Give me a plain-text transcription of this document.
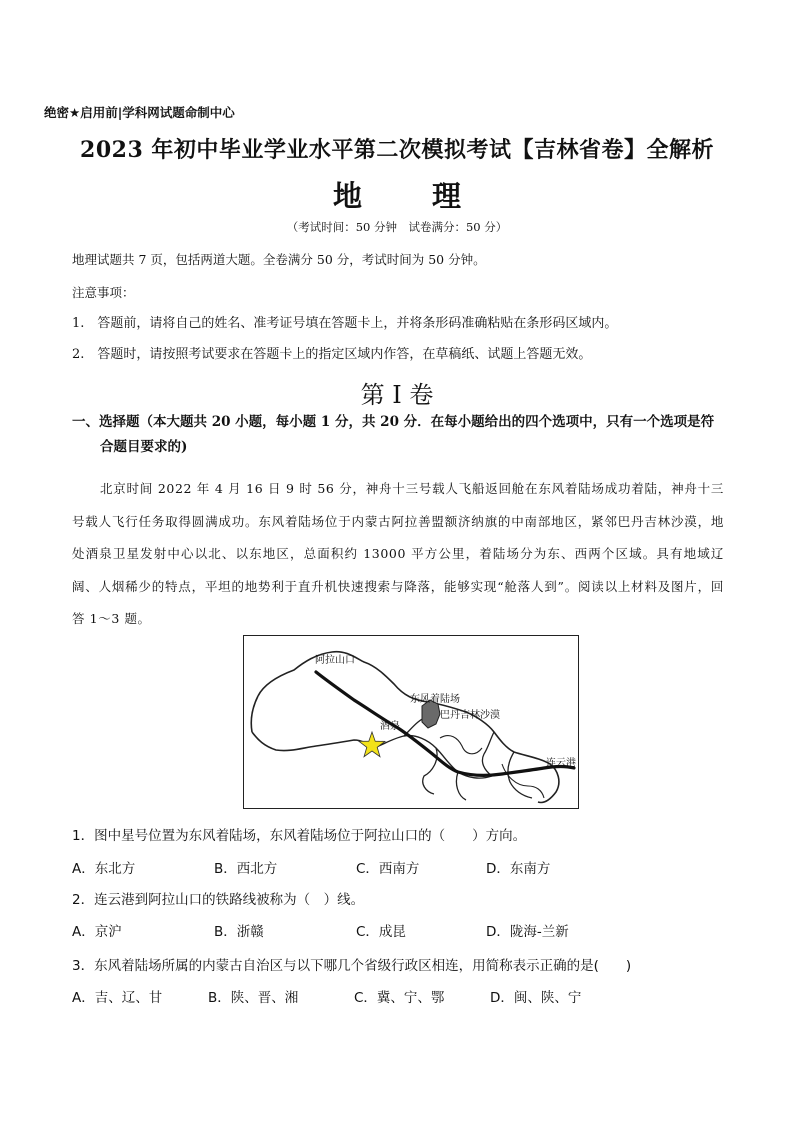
绝密★启用前|学科网试题命制中心
2023 年初中毕业学业水平第二次模拟考试【吉林省卷】全解析
地 理
（考试时间：50 分钟　试卷满分：50 分）
地理试题共 7 页，包括两道大题。全卷满分 50 分，考试时间为 50 分钟。
注意事项：
1.　答题前，请将自己的姓名、准考证号填在答题卡上，并将条形码准确粘贴在条形码区域内。
2.　答题时，请按照考试要求在答题卡上的指定区域内作答，在草稿纸、试题上答题无效。
第 I 卷
一、选择题（本大题共 20 小题，每小题 1 分，共 20 分．在每小题给出的四个选项中，只有一个选项是符
合题目要求的)
北京时间 2022 年 4 月 16 日 9 时 56 分，神舟十三号载人飞船返回舱在东风着陆场成功着陆，神舟十三号载人飞行任务取得圆满成功。东风着陆场位于内蒙古阿拉善盟额济纳旗的中南部地区，紧邻巴丹吉林沙漠，地处酒泉卫星发射中心以北、以东地区，总面积约 13000 平方公里，着陆场分为东、西两个区域。具有地域辽阔、人烟稀少的特点，平坦的地势利于直升机快速搜索与降落，能够实现“舱落人到”。阅读以上材料及图片，回答 1～3 题。
阿拉山口
东风着陆场
巴丹吉林沙漠
酒泉
连云港
1．图中星号位置为东风着陆场，东风着陆场位于阿拉山口的（　　）方向。
A．东北方	B．西北方	C．西南方	D．东南方
2．连云港到阿拉山口的铁路线被称为（　）线。
A．京沪	B．浙赣	C．成昆	D．陇海-兰新
3．东风着陆场所属的内蒙古自治区与以下哪几个省级行政区相连，用简称表示正确的是(　　)
A．吉、辽、甘	B．陕、晋、湘	C．冀、宁、鄂	D．闽、陕、宁
